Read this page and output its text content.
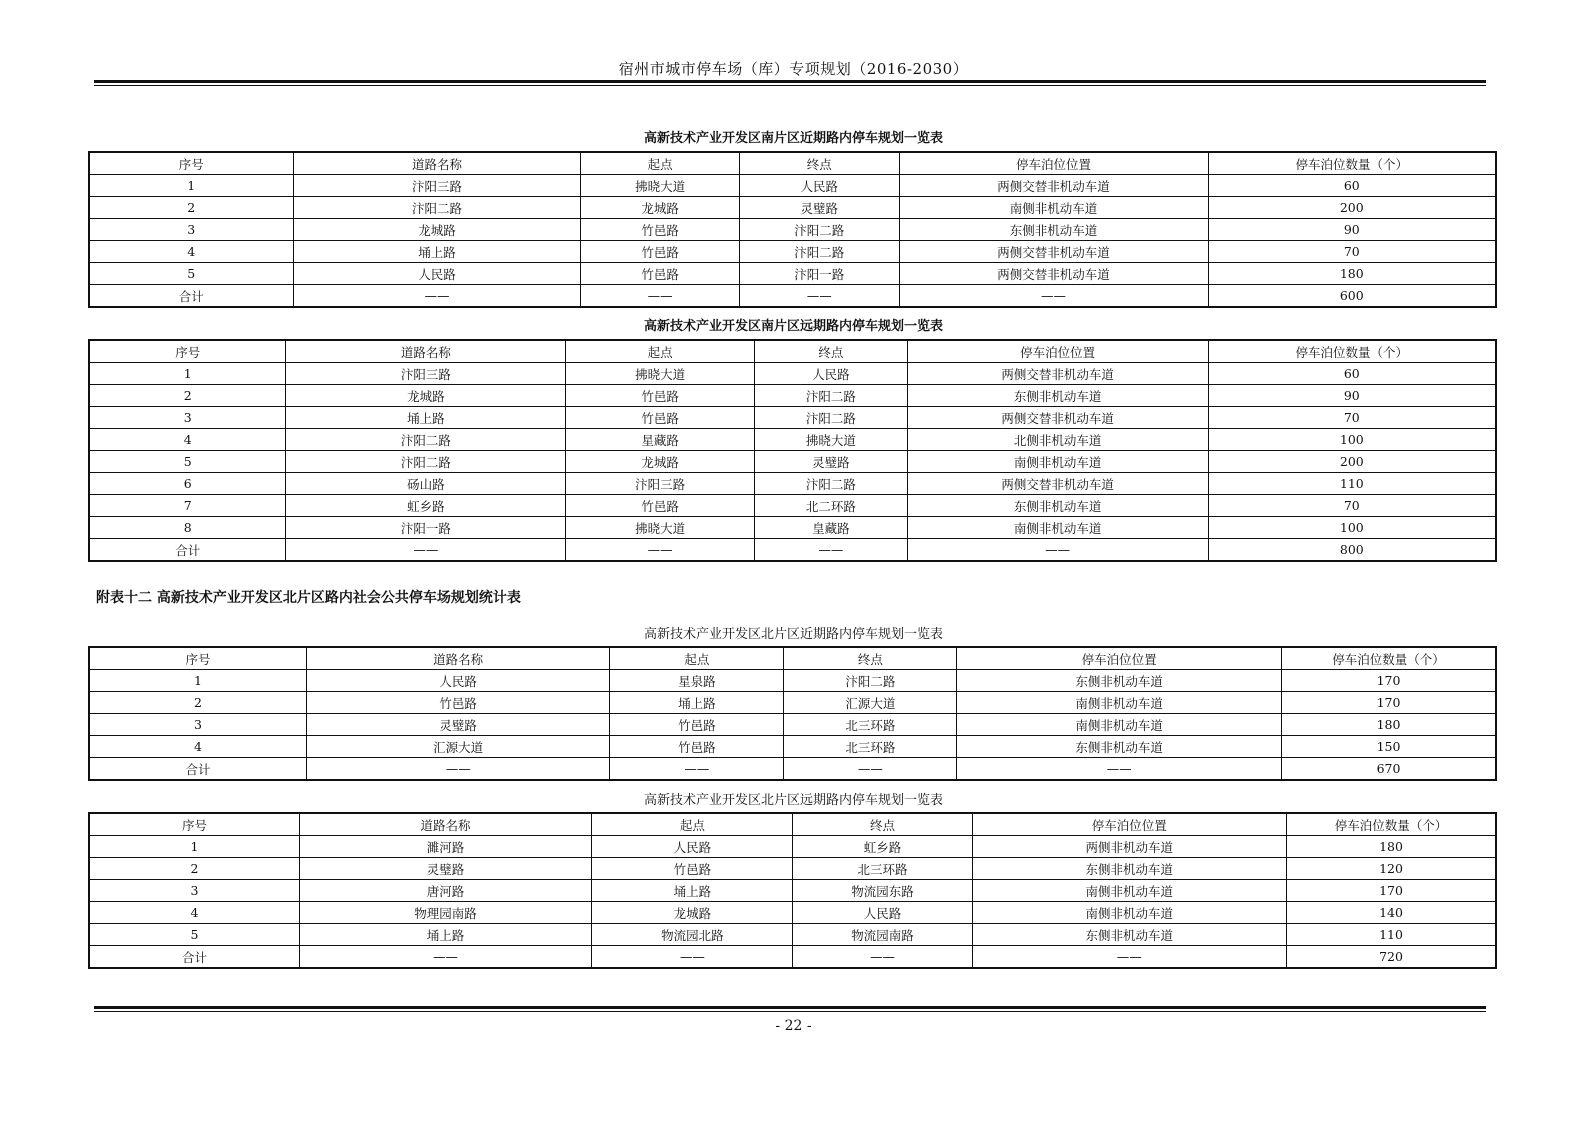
宿州市城市停车场（库）专项规划（2016-2030）
高新技术产业开发区南片区近期路内停车规划一览表
序号	道路名称	起点	终点	停车泊位位置	停车泊位数量（个）
1	汴阳三路	拂晓大道	人民路	两侧交替非机动车道	60
2	汴阳二路	龙城路	灵璧路	南侧非机动车道	200
3	龙城路	竹邑路	汴阳二路	东侧非机动车道	90
4	埇上路	竹邑路	汴阳二路	两侧交替非机动车道	70
5	人民路	竹邑路	汴阳一路	两侧交替非机动车道	180
合计	——	——	——	——	600
高新技术产业开发区南片区远期路内停车规划一览表
序号	道路名称	起点	终点	停车泊位位置	停车泊位数量（个）
1	汴阳三路	拂晓大道	人民路	两侧交替非机动车道	60
2	龙城路	竹邑路	汴阳二路	东侧非机动车道	90
3	埇上路	竹邑路	汴阳二路	两侧交替非机动车道	70
4	汴阳二路	星藏路	拂晓大道	北侧非机动车道	100
5	汴阳二路	龙城路	灵璧路	南侧非机动车道	200
6	砀山路	汴阳三路	汴阳二路	两侧交替非机动车道	110
7	虹乡路	竹邑路	北二环路	东侧非机动车道	70
8	汴阳一路	拂晓大道	皇藏路	南侧非机动车道	100
合计	——	——	——	——	800
附表十二 高新技术产业开发区北片区路内社会公共停车场规划统计表
高新技术产业开发区北片区近期路内停车规划一览表
序号	道路名称	起点	终点	停车泊位位置	停车泊位数量（个）
1	人民路	星泉路	汴阳二路	东侧非机动车道	170
2	竹邑路	埇上路	汇源大道	南侧非机动车道	170
3	灵璧路	竹邑路	北三环路	南侧非机动车道	180
4	汇源大道	竹邑路	北三环路	东侧非机动车道	150
合计	——	——	——	——	670
高新技术产业开发区北片区远期路内停车规划一览表
序号	道路名称	起点	终点	停车泊位位置	停车泊位数量（个）
1	濉河路	人民路	虹乡路	两侧非机动车道	180
2	灵璧路	竹邑路	北三环路	东侧非机动车道	120
3	唐河路	埇上路	物流园东路	南侧非机动车道	170
4	物理园南路	龙城路	人民路	南侧非机动车道	140
5	埇上路	物流园北路	物流园南路	东侧非机动车道	110
合计	——	——	——	——	720
- 22 -
